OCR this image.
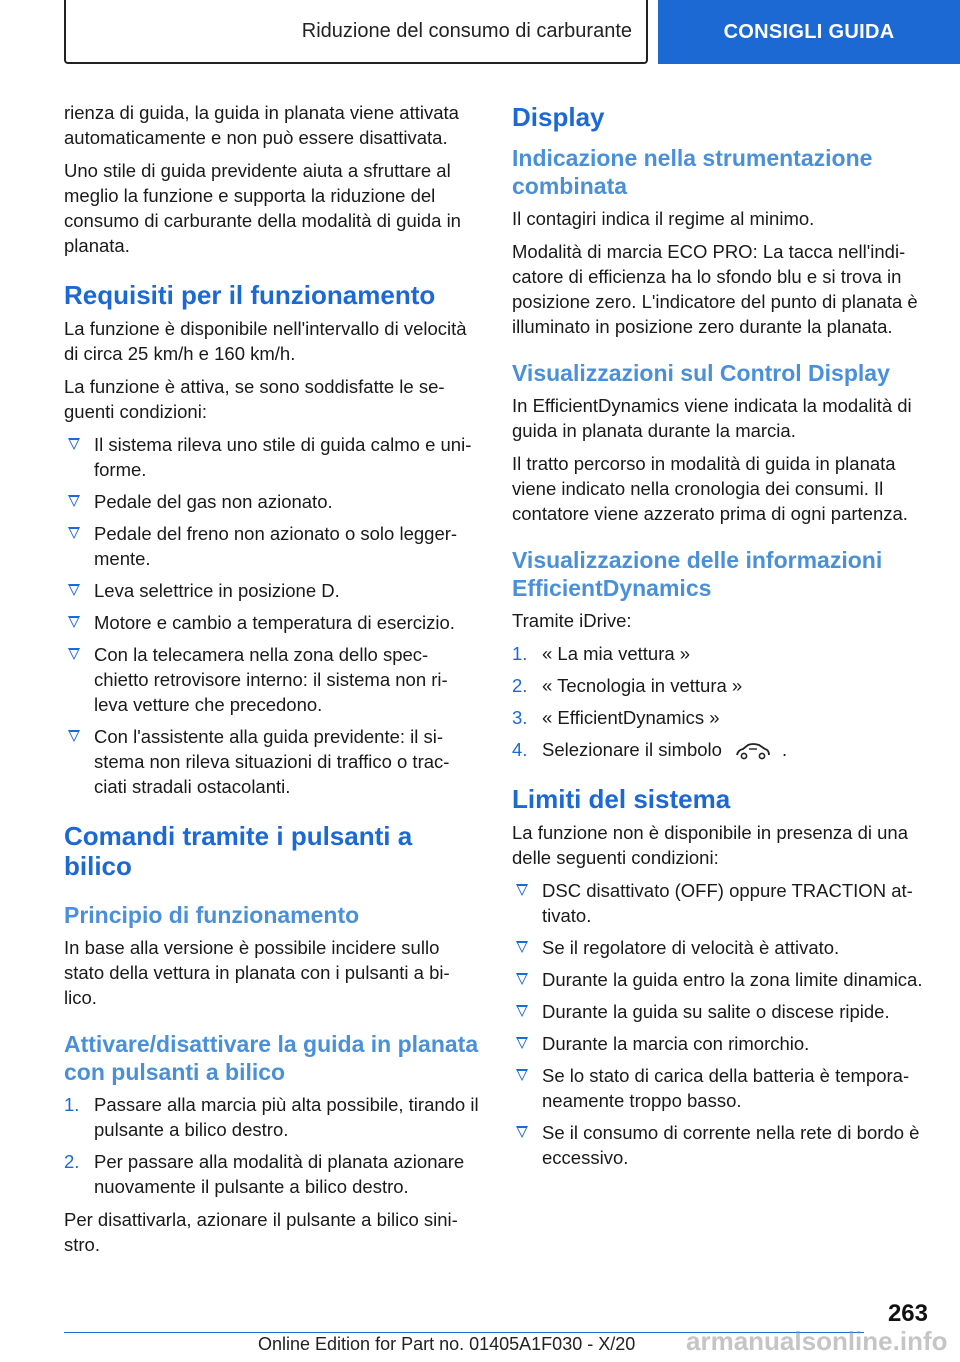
Riduzione del consumo di carburante	CONSIGLI GUIDA

rienza di guida, la guida in planata viene attivata automaticamente e non può essere disattivata.

Uno stile di guida previdente aiuta a sfruttare al meglio la funzione e supporta la riduzione del consumo di carburante della modalità di guida in planata.

Requisiti per il funzionamento

La funzione è disponibile nell'intervallo di velocità di circa 25 km/h e 160 km/h.

La funzione è attiva, se sono soddisfatte le se-guenti condizioni:

Il sistema rileva uno stile di guida calmo e uni-forme.
Pedale del gas non azionato.
Pedale del freno non azionato o solo legger-mente.
Leva selettrice in posizione D.
Motore e cambio a temperatura di esercizio.
Con la telecamera nella zona dello spec-chietto retrovisore interno: il sistema non ri-leva vetture che precedono.
Con l'assistente alla guida previdente: il si-stema non rileva situazioni di traffico o trac-ciati stradali ostacolanti.
Comandi tramite i pulsanti a bilico
Principio di funzionamento

In base alla versione è possibile incidere sullo stato della vettura in planata con i pulsanti a bi-lico.

Attivare/disattivare la guida in planata con pulsanti a bilico
1. Passare alla marcia più alta possibile, tirando il pulsante a bilico destro.
2. Per passare alla modalità di planata azionare nuovamente il pulsante a bilico destro.

Per disattivarla, azionare il pulsante a bilico sini-stro.

Display
Indicazione nella strumentazione combinata

Il contagiri indica il regime al minimo.

Modalità di marcia ECO PRO: La tacca nell'indi-catore di efficienza ha lo sfondo blu e si trova in posizione zero. L'indicatore del punto di planata è illuminato in posizione zero durante la planata.

Visualizzazioni sul Control Display

In EfficientDynamics viene indicata la modalità di guida in planata durante la marcia.

Il tratto percorso in modalità di guida in planata viene indicato nella cronologia dei consumi. Il contatore viene azzerato prima di ogni partenza.

Visualizzazione delle informazioni EfficientDynamics

Tramite iDrive:

1. « La mia vettura »
2. « Tecnologia in vettura »
3. « EfficientDynamics »
4. Selezionare il simbolo	.
Limiti del sistema

La funzione non è disponibile in presenza di una delle seguenti condizioni:

DSC disattivato (OFF) oppure TRACTION at-tivato.
Se il regolatore di velocità è attivato.
Durante la guida entro la zona limite dinamica.
Durante la guida su salite o discese ripide.
Durante la marcia con rimorchio.
Se lo stato di carica della batteria è tempora-neamente troppo basso.
Se il consumo di corrente nella rete di bordo è eccessivo.
263
Online Edition for Part no. 01405A1F030 - X/20 armanualsonline.info
